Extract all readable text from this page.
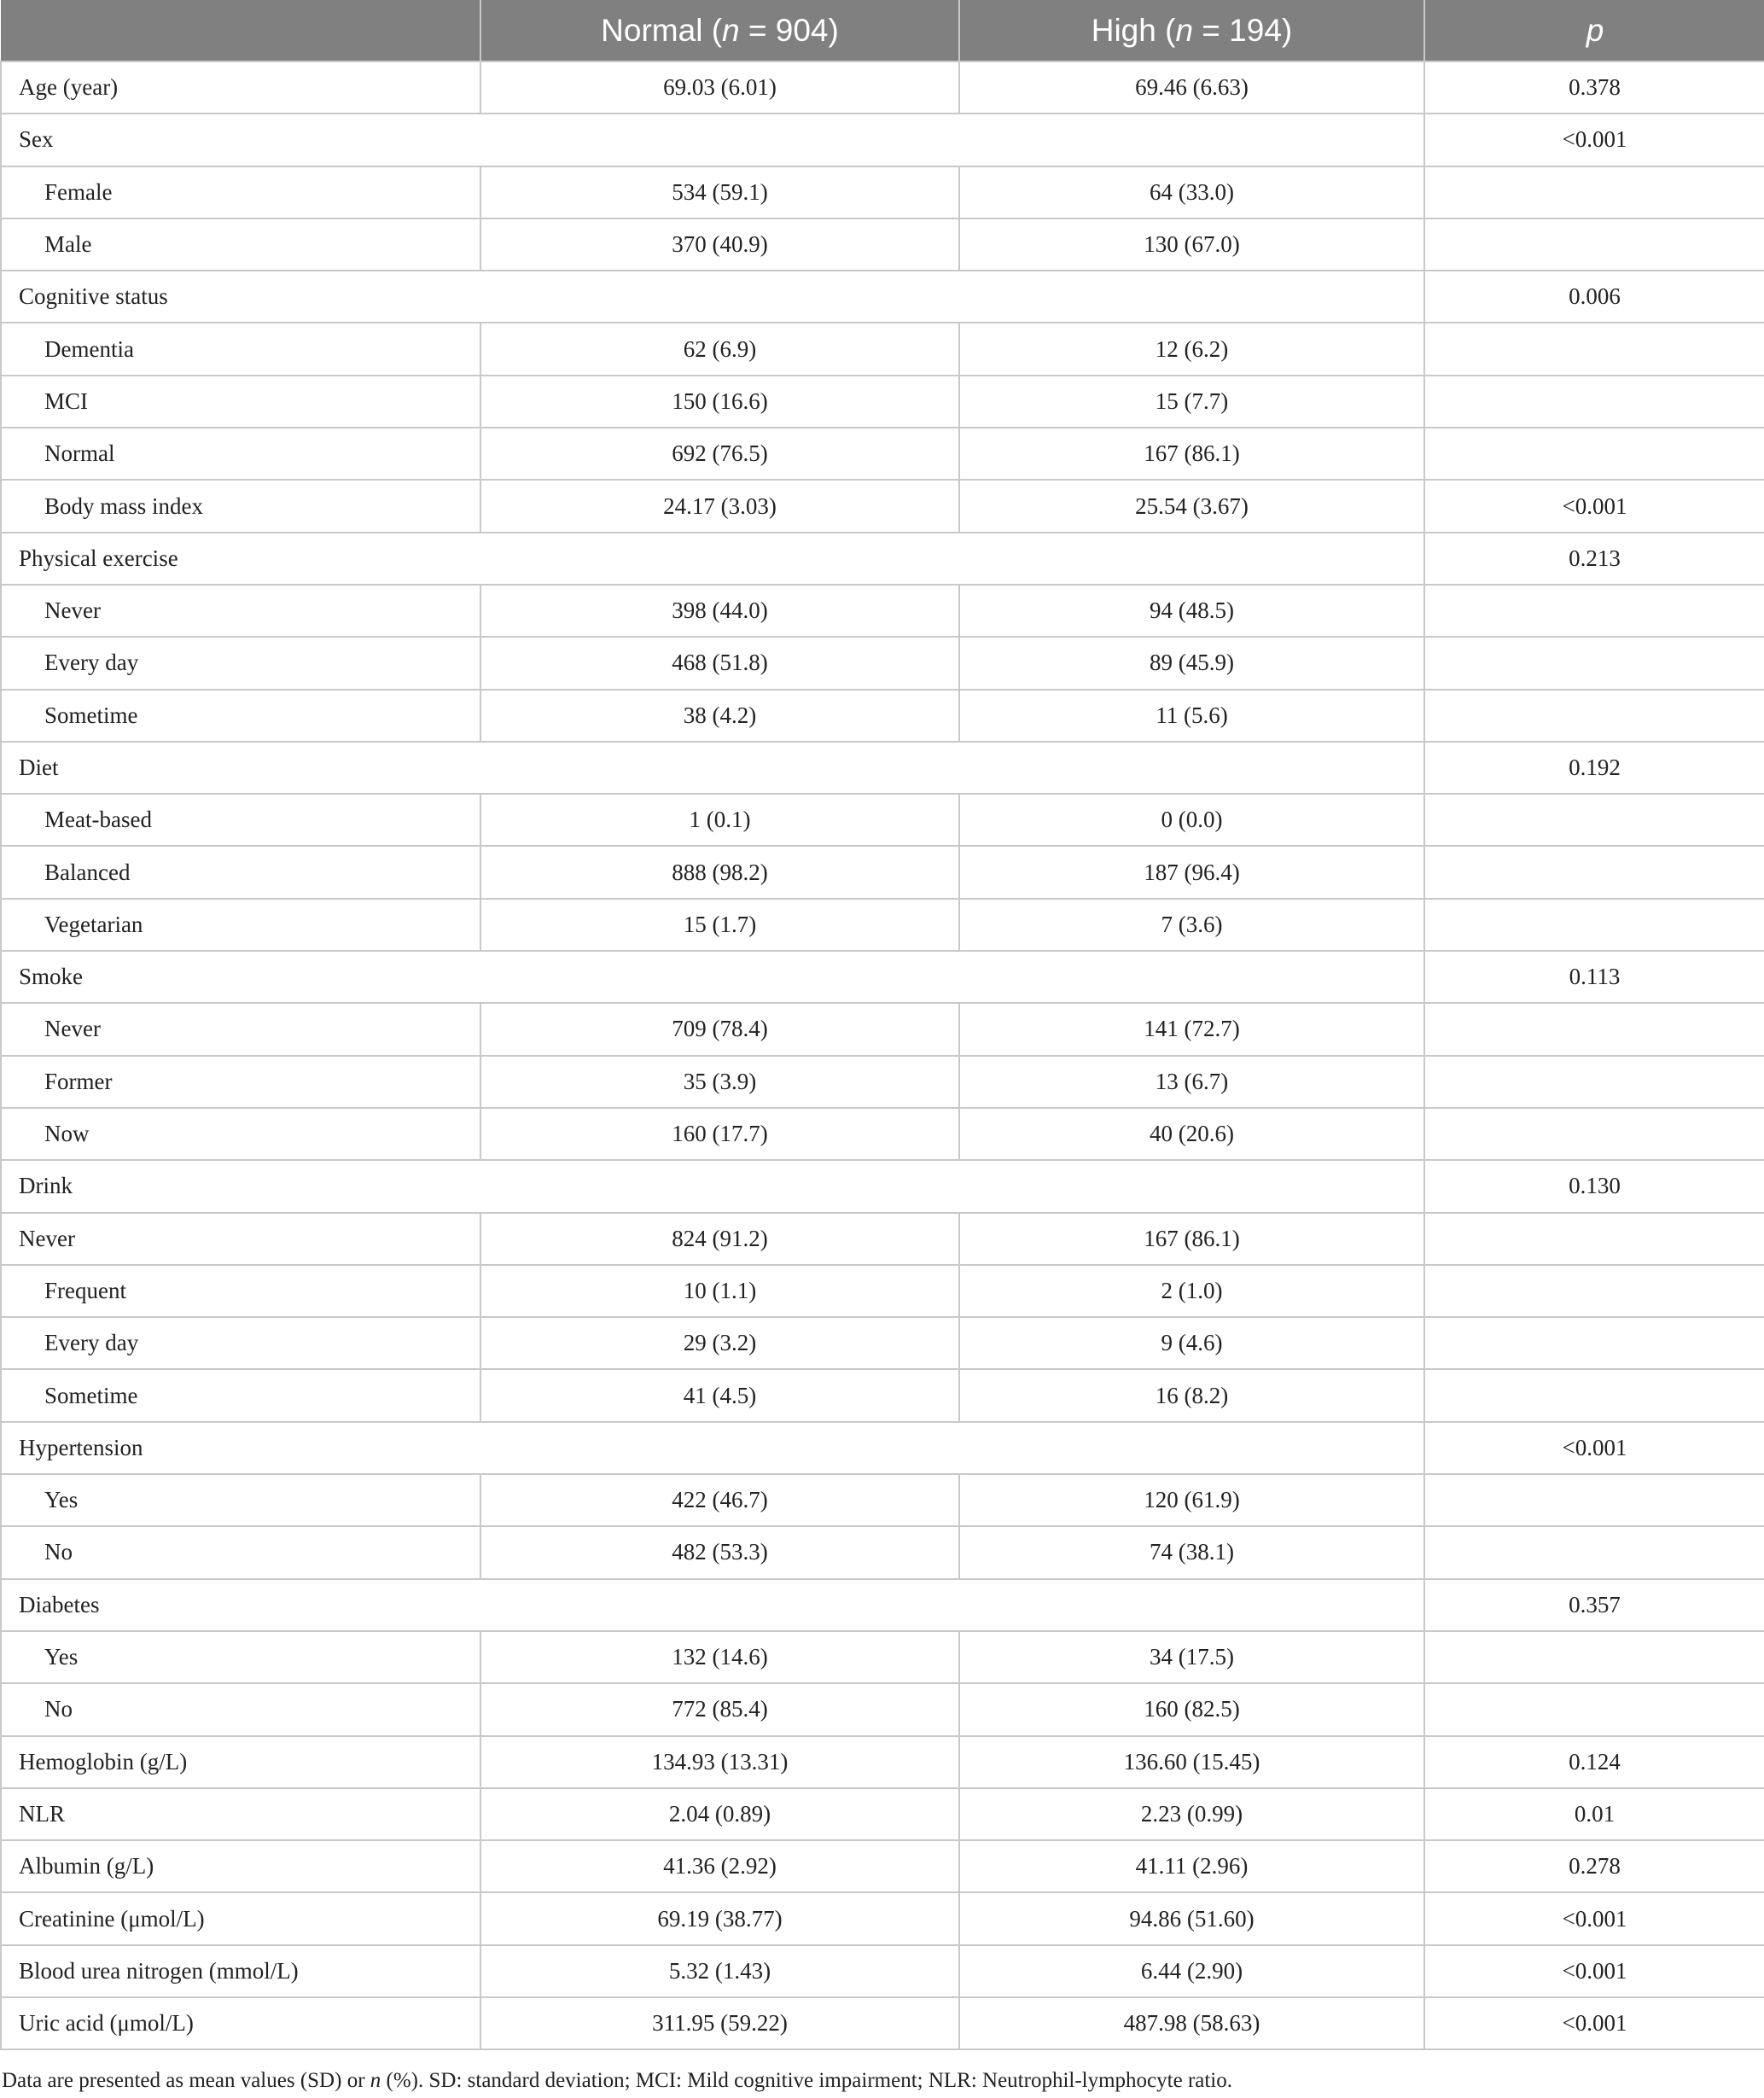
	Normal (n = 904)	High (n = 194)	p
Age (year)	69.03 (6.01)	69.46 (6.63)	0.378
Sex			<0.001
Female	534 (59.1)	64 (33.0)	
Male	370 (40.9)	130 (67.0)	
Cognitive status			0.006
Dementia	62 (6.9)	12 (6.2)	
MCI	150 (16.6)	15 (7.7)	
Normal	692 (76.5)	167 (86.1)	
Body mass index	24.17 (3.03)	25.54 (3.67)	<0.001
Physical exercise			0.213
Never	398 (44.0)	94 (48.5)	
Every day	468 (51.8)	89 (45.9)	
Sometime	38 (4.2)	11 (5.6)	
Diet			0.192
Meat-based	1 (0.1)	0 (0.0)	
Balanced	888 (98.2)	187 (96.4)	
Vegetarian	15 (1.7)	7 (3.6)	
Smoke			0.113
Never	709 (78.4)	141 (72.7)	
Former	35 (3.9)	13 (6.7)	
Now	160 (17.7)	40 (20.6)	
Drink			0.130
Never	824 (91.2)	167 (86.1)	
Frequent	10 (1.1)	2 (1.0)	
Every day	29 (3.2)	9 (4.6)	
Sometime	41 (4.5)	16 (8.2)	
Hypertension			<0.001
Yes	422 (46.7)	120 (61.9)	
No	482 (53.3)	74 (38.1)	
Diabetes			0.357
Yes	132 (14.6)	34 (17.5)	
No	772 (85.4)	160 (82.5)	
Hemoglobin (g/L)	134.93 (13.31)	136.60 (15.45)	0.124
NLR	2.04 (0.89)	2.23 (0.99)	0.01
Albumin (g/L)	41.36 (2.92)	41.11 (2.96)	0.278
Creatinine (μmol/L)	69.19 (38.77)	94.86 (51.60)	<0.001
Blood urea nitrogen (mmol/L)	5.32 (1.43)	6.44 (2.90)	<0.001
Uric acid (μmol/L)	311.95 (59.22)	487.98 (58.63)	<0.001
Data are presented as mean values (SD) or n (%). SD: standard deviation; MCI: Mild cognitive impairment; NLR: Neutrophil-lymphocyte ratio.
